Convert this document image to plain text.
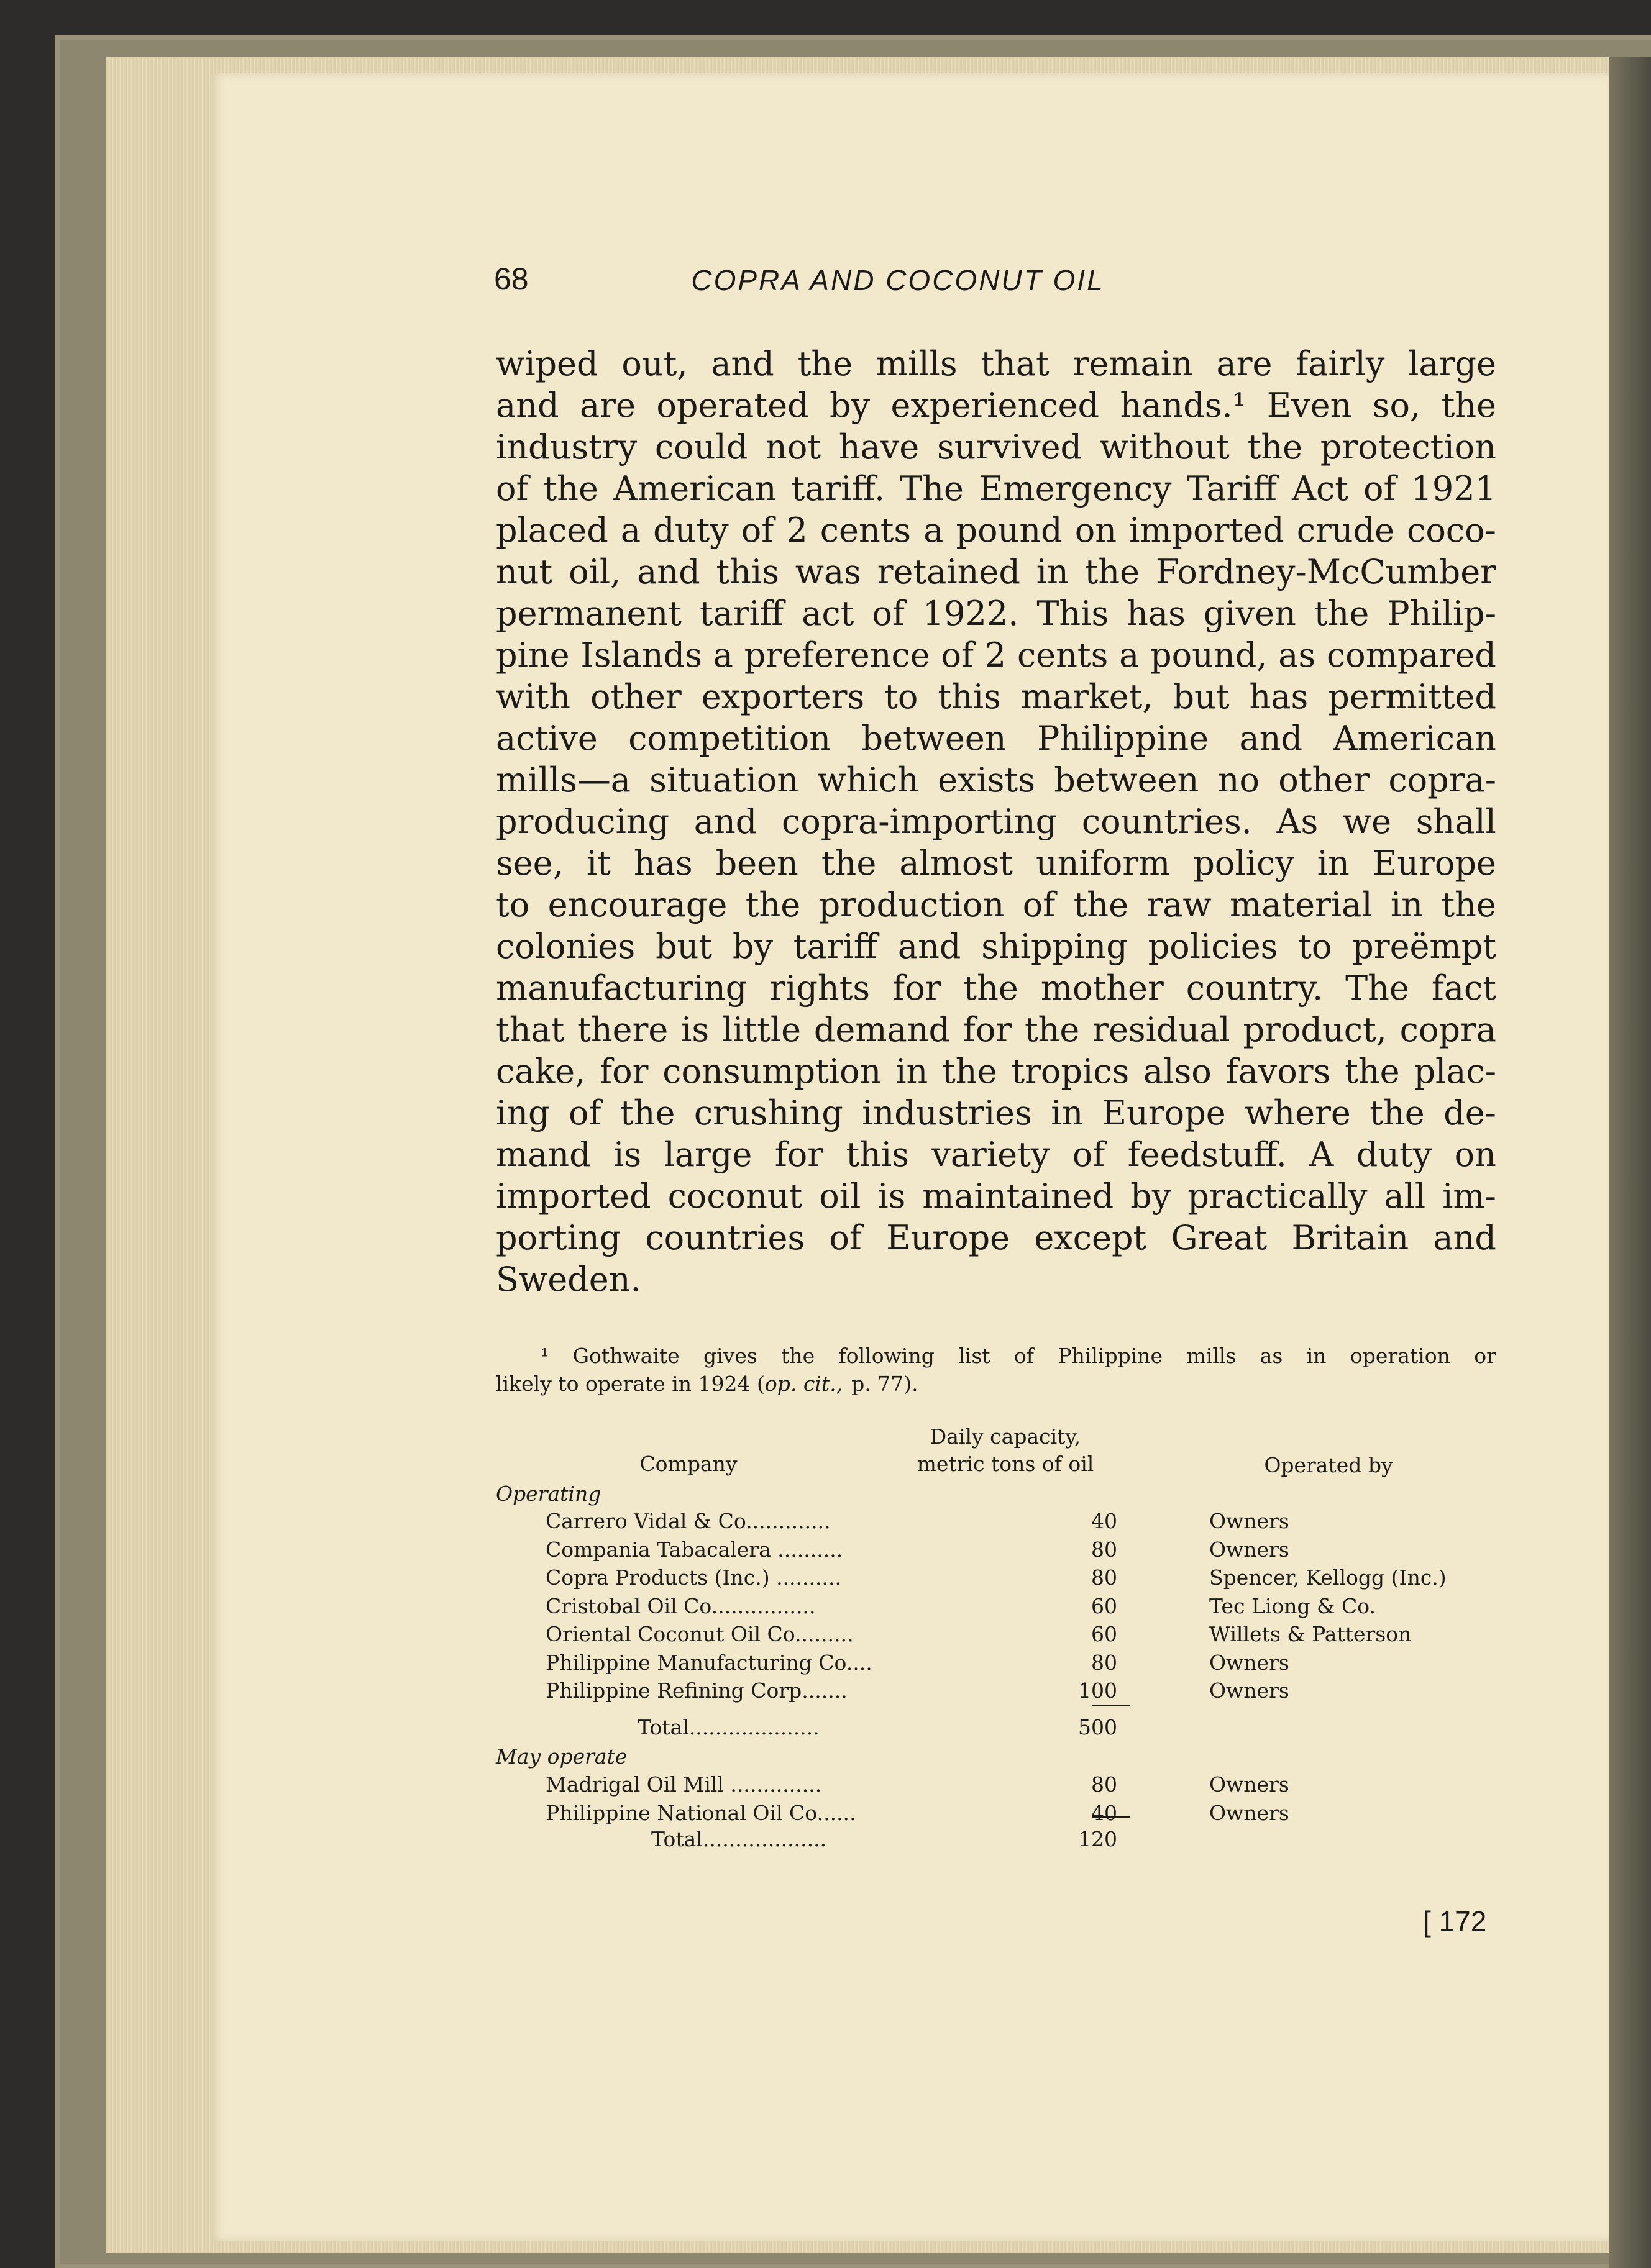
68	COPRA AND COCONUT OIL
wiped out, and the mills that remain are fairly large
and are operated by experienced hands.¹ Even so, the
industry could not have survived without the protection
of the American tariff. The Emergency Tariff Act of 1921
placed a duty of 2 cents a pound on imported crude coco-
nut oil, and this was retained in the Fordney-McCumber
permanent tariff act of 1922. This has given the Philip-
pine Islands a preference of 2 cents a pound, as compared
with other exporters to this market, but has permitted
active competition between Philippine and American
mills—a situation which exists between no other copra-
producing and copra-importing countries. As we shall
see, it has been the almost uniform policy in Europe
to encourage the production of the raw material in the
colonies but by tariff and shipping policies to preëmpt
manufacturing rights for the mother country. The fact
that there is little demand for the residual product, copra
cake, for consumption in the tropics also favors the plac-
ing of the crushing industries in Europe where the de-
mand is large for this variety of feedstuff. A duty on
imported coconut oil is maintained by practically all im-
porting countries of Europe except Great Britain and
Sweden.
¹ Gothwaite gives the following list of Philippine mills as in operation or
likely to operate in 1924 (op. cit., p. 77).
Daily capacity,
Company	metric tons of oil	Operated by
Operating
Carrero Vidal & Co.............	40	Owners
Compania Tabacalera ..........	80	Owners
Copra Products (Inc.) ..........	80	Spencer, Kellogg (Inc.)
Cristobal Oil Co................	60	Tec Liong & Co.
Oriental Coconut Oil Co.........	60	Willets & Patterson
Philippine Manufacturing Co....	80	Owners
Philippine Refining Corp.......	100	Owners
Total....................	500
May operate
Madrigal Oil Mill ..............	80	Owners
Philippine National Oil Co......	40	Owners
Total...................	120
[ 172
